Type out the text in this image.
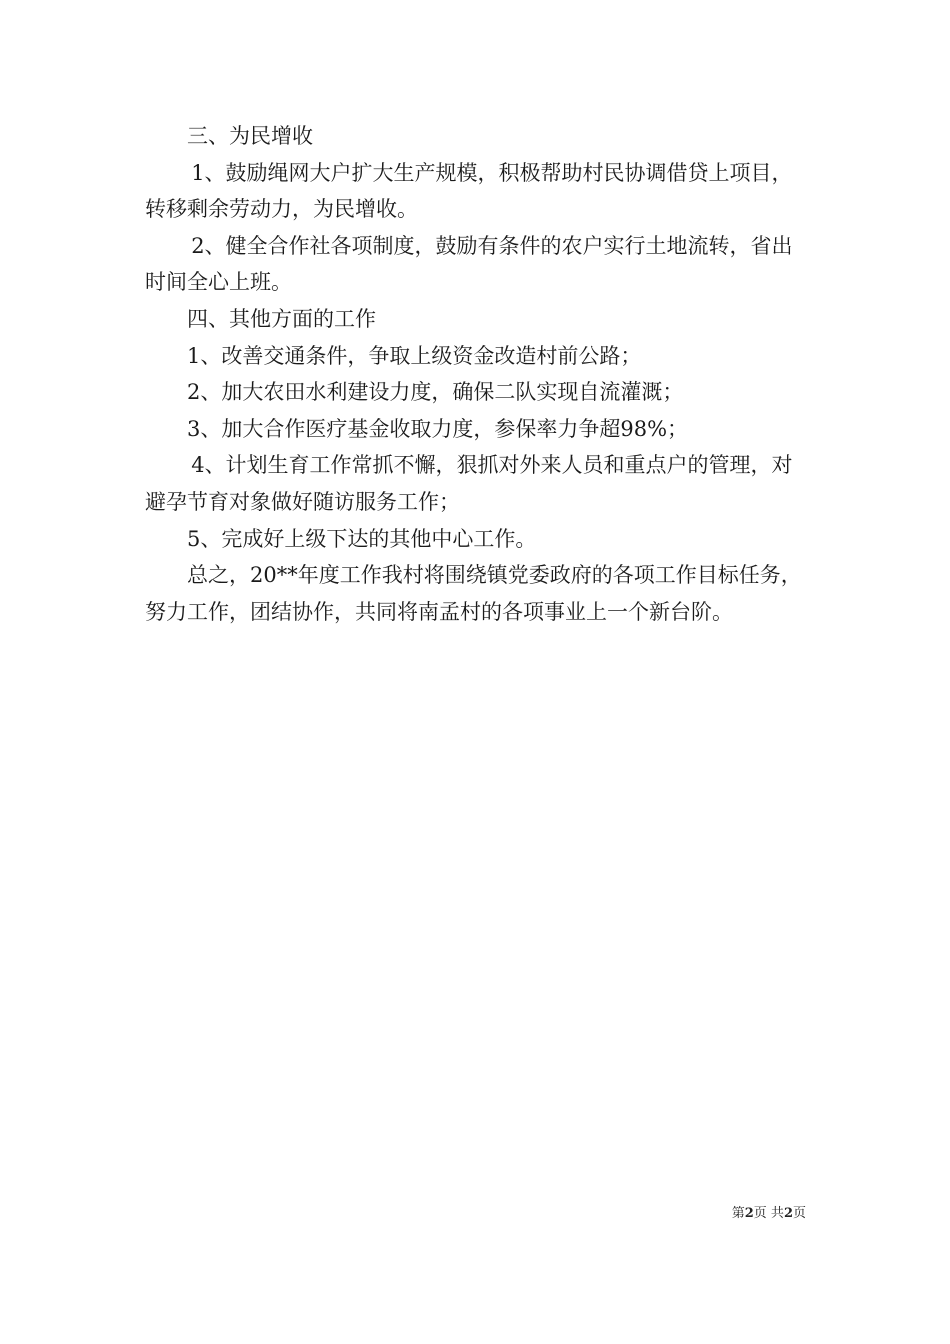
三、为民增收

1、鼓励绳网大户扩大生产规模，积极帮助村民协调借贷上项目，转移剩余劳动力，为民增收。

2、健全合作社各项制度，鼓励有条件的农户实行土地流转，省出时间全心上班。

四、其他方面的工作

1、改善交通条件，争取上级资金改造村前公路；

2、加大农田水利建设力度，确保二队实现自流灌溉；

3、加大合作医疗基金收取力度，参保率力争超98%；

4、计划生育工作常抓不懈，狠抓对外来人员和重点户的管理，对避孕节育对象做好随访服务工作；

5、完成好上级下达的其他中心工作。

总之，20**年度工作我村将围绕镇党委政府的各项工作目标任务，努力工作，团结协作，共同将南孟村的各项事业上一个新台阶。

第2页 共2页
